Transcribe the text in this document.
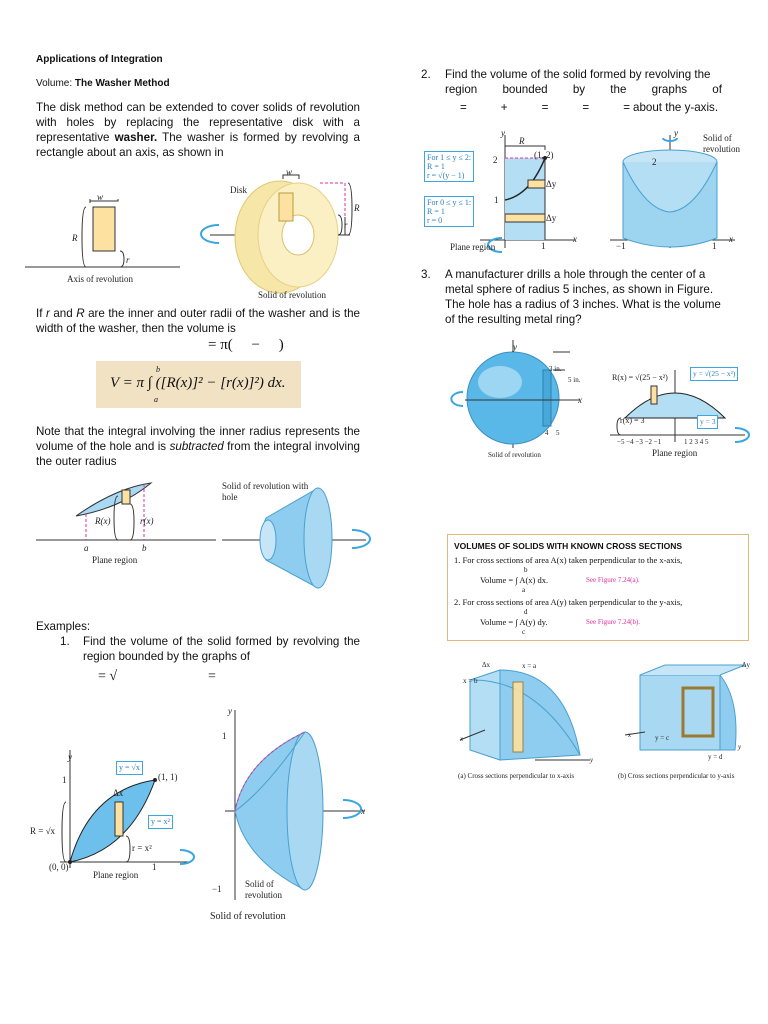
Applications of Integration
Volume: The Washer Method
The disk method can be extended to cover solids of revolution with holes by replacing the representative disk with a representative washer. The washer is formed by revolving a rectangle about an axis, as shown in
w
R
r
Axis of revolution
Disk
w
R
r
Solid of revolution
If r and R are the inner and outer radii of the washer and is the width of the washer, then the volume is
= π(     −     )
V = π ∫ ([R(x)]² − [r(x)]²) dx.
b
a
Note that the integral involving the inner radius represents the volume of the hole and is subtracted from the integral involving the outer radius
R(x)	r(x)
a	b
Plane region
Solid of revolution with hole
Examples:
1. Find the volume of the solid formed by revolving the region bounded by the graphs of
= √	=
y
y = √x
(1, 1)
Δx
1
y = x²
R = √x
r = x²
(0, 0)	1
Plane region
y
1
x
−1	Solid of revolution
Solid of revolution
2. Find the volume of the solid formed by revolving the
region bounded by the graphs of
=	+	=	=	= about the y-axis.
y
R
(1, 2)
2
Δy
1
Δy
1
x
Plane region
For 1 ≤ y ≤ 2:
R = 1
r = √(y − 1)
For 0 ≤ y ≤ 1:
R = 1
r = 0
y	Solid of revolution
2
−1	1
x
3. A manufacturer drills a hole through the center of a metal sphere of radius 5 inches, as shown in Figure. The hole has a radius of 3 inches. What is the volume of the resulting metal ring?
y
3 in.
5 in.
4 5
x
Solid of revolution
R(x) = √(25 − x²)	y = √(25 − x²)
y = 3
r(x) = 3
−5 −4 −3 −2 −1	1 2 3 4 5
Plane region
VOLUMES OF SOLIDS WITH KNOWN CROSS SECTIONS
1. For cross sections of area A(x) taken perpendicular to the x-axis,
Volume = ∫ A(x) dx.
b
a
See Figure 7.24(a).
2. For cross sections of area A(y) taken perpendicular to the y-axis,
Volume = ∫ A(y) dy.
d
c
See Figure 7.24(b).
Δx	x = a
x = b
x
y
(a) Cross sections perpendicular to x-axis
Δy
y = c
y = d
x
y
(b) Cross sections perpendicular to y-axis
